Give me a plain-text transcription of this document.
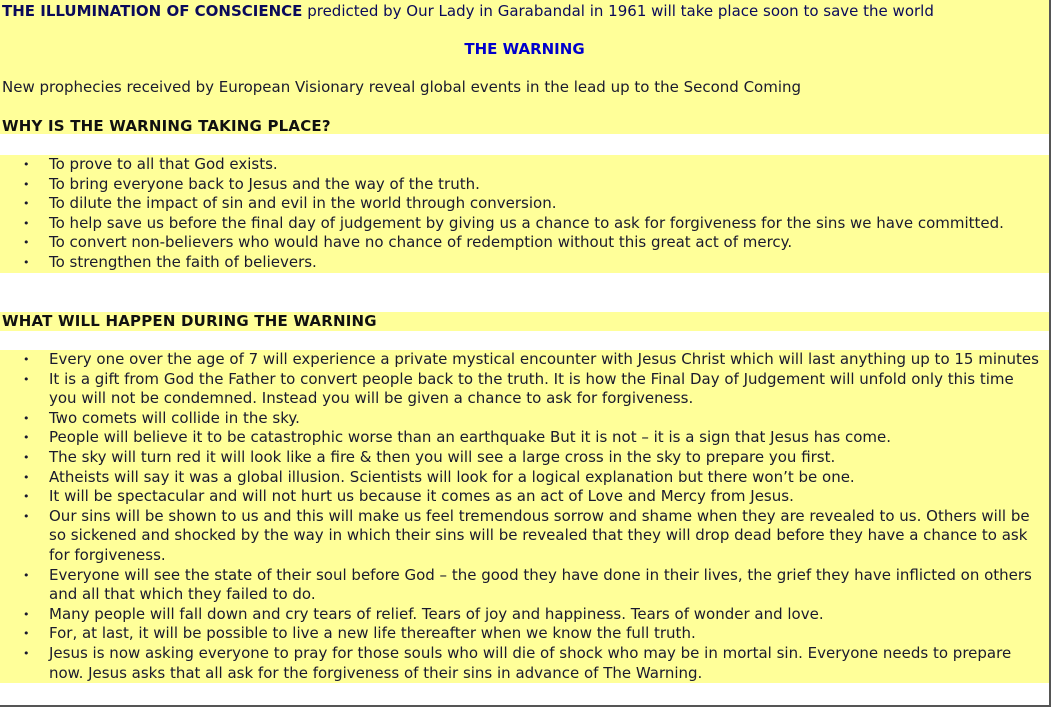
THE ILLUMINATION OF CONSCIENCE predicted by Our Lady in Garabandal in 1961 will take place soon to save the world
THE WARNING
New prophecies received by European Visionary reveal global events in the lead up to the Second Coming
WHY IS THE WARNING TAKING PLACE?
• To prove to all that God exists.
• To bring everyone back to Jesus and the way of the truth.
• To dilute the impact of sin and evil in the world through conversion.
• To help save us before the final day of judgement by giving us a chance to ask for forgiveness for the sins we have committed.
• To convert non-believers who would have no chance of redemption without this great act of mercy.
• To strengthen the faith of believers.
WHAT WILL HAPPEN DURING THE WARNING
• Every one over the age of 7 will experience a private mystical encounter with Jesus Christ which will last anything up to 15 minutes
• It is a gift from God the Father to convert people back to the truth. It is how the Final Day of Judgement will unfold only this time you will not be condemned. Instead you will be given a chance to ask for forgiveness.
• Two comets will collide in the sky.
• People will believe it to be catastrophic worse than an earthquake But it is not – it is a sign that Jesus has come.
• The sky will turn red it will look like a fire & then you will see a large cross in the sky to prepare you first.
• Atheists will say it was a global illusion. Scientists will look for a logical explanation but there won’t be one.
• It will be spectacular and will not hurt us because it comes as an act of Love and Mercy from Jesus.
• Our sins will be shown to us and this will make us feel tremendous sorrow and shame when they are revealed to us. Others will be so sickened and shocked by the way in which their sins will be revealed that they will drop dead before they have a chance to ask for forgiveness.
• Everyone will see the state of their soul before God – the good they have done in their lives, the grief they have inflicted on others and all that which they failed to do.
• Many people will fall down and cry tears of relief. Tears of joy and happiness. Tears of wonder and love.
• For, at last, it will be possible to live a new life thereafter when we know the full truth.
• Jesus is now asking everyone to pray for those souls who will die of shock who may be in mortal sin. Everyone needs to prepare now. Jesus asks that all ask for the forgiveness of their sins in advance of The Warning.
